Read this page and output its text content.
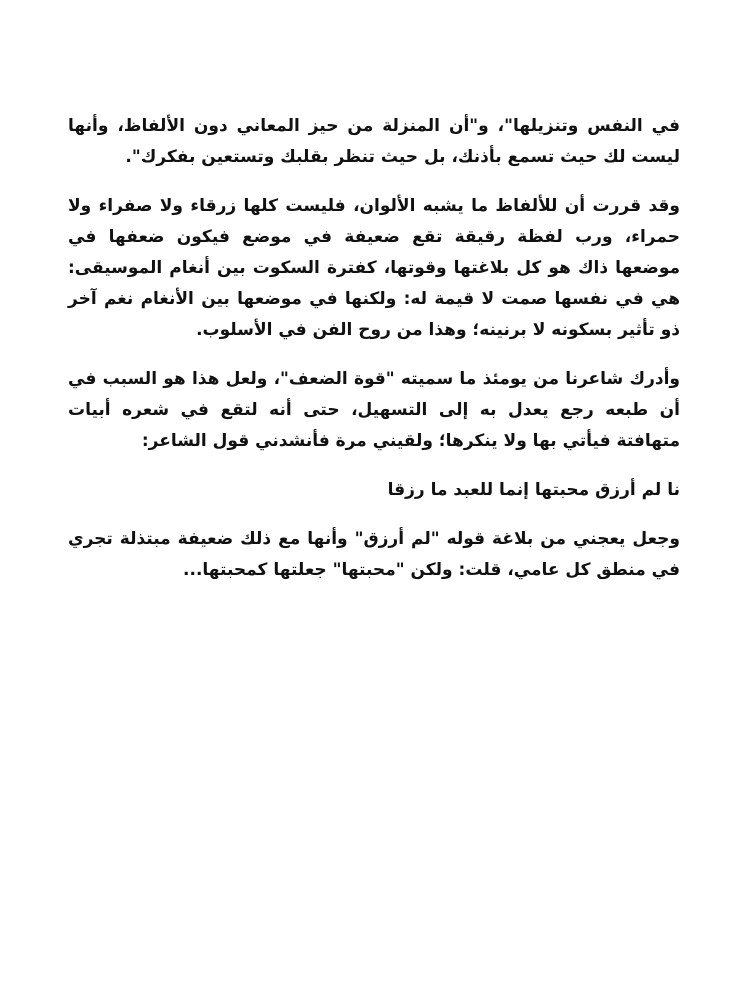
في النفس وتنزيلها"، و"أن المنزلة من حيز المعاني دون الألفاظ، وأنها ليست لك حيث تسمع بأذنك، بل حيث تنظر بقلبك وتستعين بفكرك".

وقد قررت أن للألفاظ ما يشبه الألوان، فليست كلها زرقاء ولا صفراء ولا حمراء، ورب لفظة رقيقة تقع ضعيفة في موضع فيكون ضعفها في موضعها ذاك هو كل بلاغتها وقوتها، كفترة السكوت بين أنغام الموسيقى: هي في نفسها صمت لا قيمة له: ولكنها في موضعها بين الأنغام نغم آخر ذو تأثير بسكونه لا برنينه؛ وهذا من روح الفن في الأسلوب.

وأدرك شاعرنا من يومئذ ما سميته "قوة الضعف"، ولعل هذا هو السبب في أن طبعه رجع يعدل به إلى التسهيل، حتى أنه لتقع في شعره أبيات متهافتة فيأتي بها ولا ينكرها؛ ولقيني مرة فأنشدني قول الشاعر:

نا لم أرزق محبتها إنما للعبد ما رزقا

وجعل يعجني من بلاغة قوله "لم أرزق" وأنها مع ذلك ضعيفة مبتذلة تجري في منطق كل عامي، قلت: ولكن "محبتها" جعلتها كمحبتها...
